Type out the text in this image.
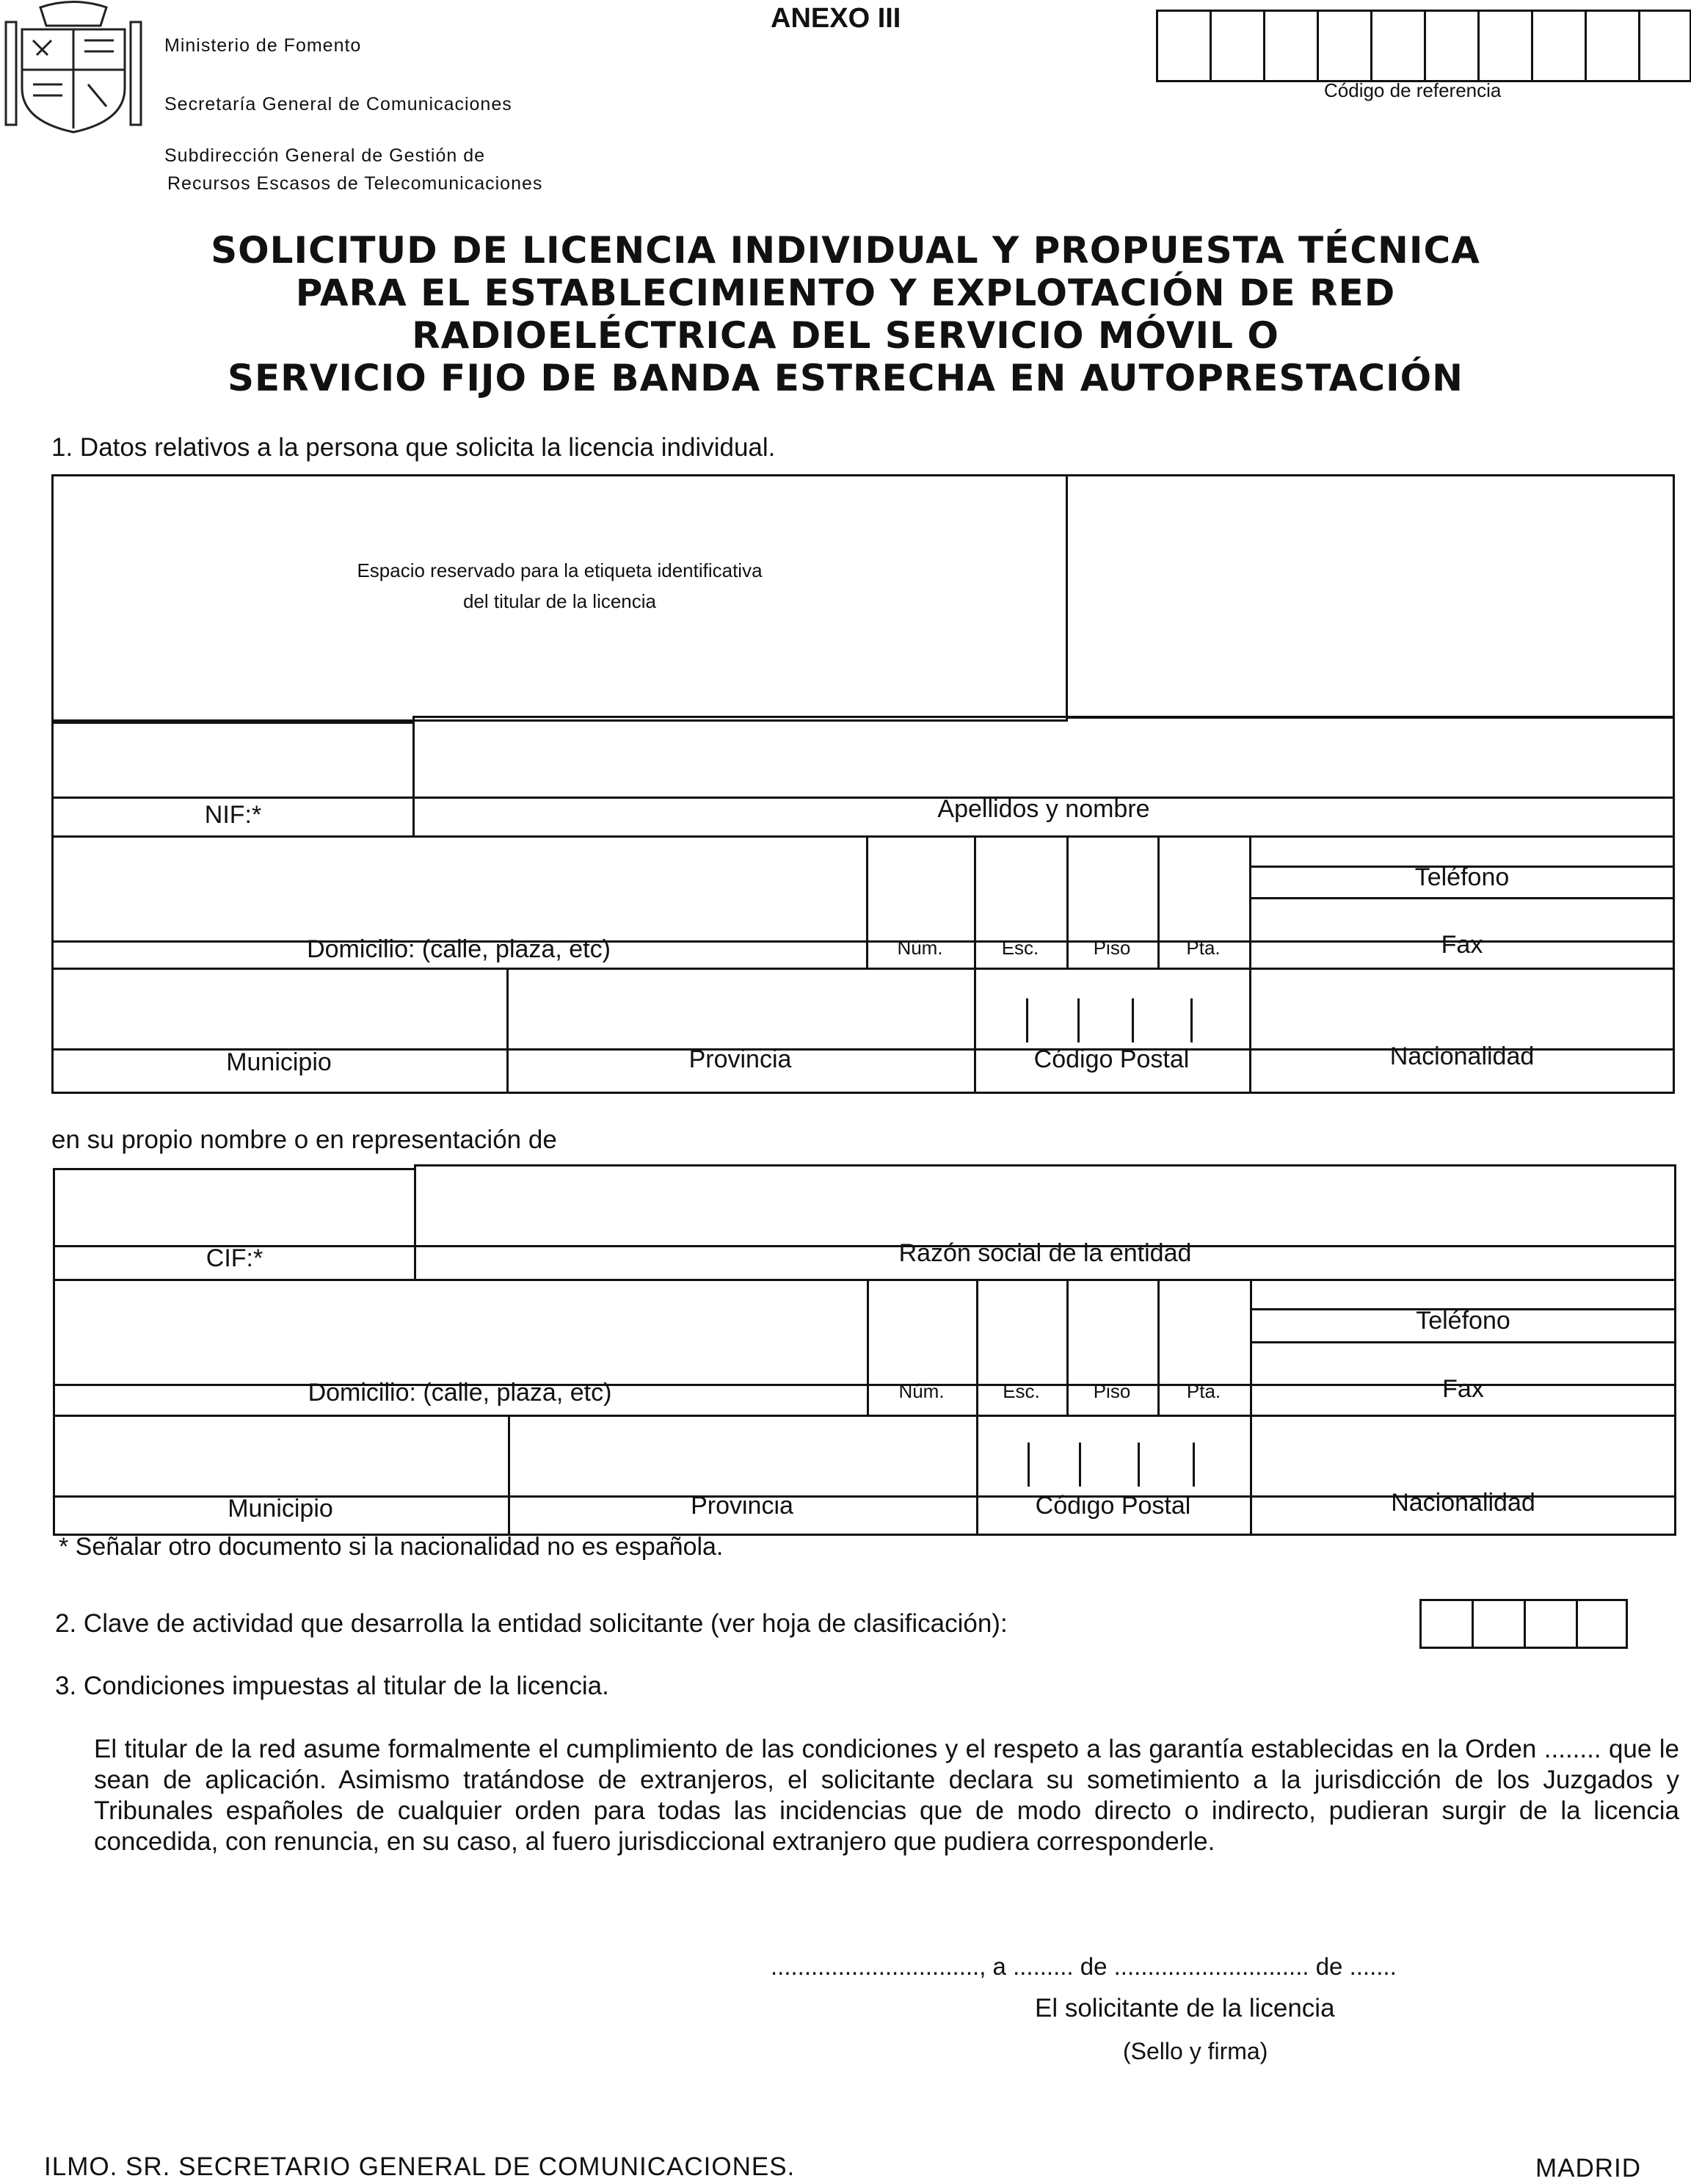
Ministerio de Fomento
Secretaría General de Comunicaciones
Subdirección General de Gestión de
Recursos Escasos de Telecomunicaciones
ANEXO III
Código de referencia
SOLICITUD DE LICENCIA INDIVIDUAL Y PROPUESTA TÉCNICA
PARA EL ESTABLECIMIENTO Y EXPLOTACIÓN DE RED
RADIOELÉCTRICA DEL SERVICIO MÓVIL O
SERVICIO FIJO DE BANDA ESTRECHA EN AUTOPRESTACIÓN
1. Datos relativos a la persona que solicita la licencia individual.
Espacio reservado para la etiqueta identificativa
del titular de la licencia
NIF:*	Apellidos y nombre
Domicilio: (calle, plaza, etc)	Núm.	Esc.	Piso	Pta.
Teléfono
Fax
Municipio	Provincia	Código Postal	Nacionalidad
en su propio nombre o en representación de
CIF:*	Razón social de la entidad
Domicilio: (calle, plaza, etc)	Núm.	Esc.	Piso	Pta.
Teléfono
Fax
Municipio	Provincia	Código Postal	Nacionalidad
* Señalar otro documento si la nacionalidad no es española.
2. Clave de actividad que desarrolla la entidad solicitante (ver hoja de clasificación):
3. Condiciones impuestas al titular de la licencia.
El titular de la red asume formalmente el cumplimiento de las condiciones y el respeto a las garantía establecidas en la Orden ........ que le sean de aplicación. Asimismo tratándose de extranjeros, el solicitante declara su sometimiento a la jurisdicción de los Juzgados y Tribunales españoles de cualquier orden para todas las incidencias que de modo directo o indirecto, pudieran surgir de la licencia concedida, con renuncia, en su caso, al fuero jurisdiccional extranjero que pudiera corresponderle.
..............................., a ......... de ............................. de .......
El solicitante de la licencia
(Sello y firma)
ILMO. SR. SECRETARIO GENERAL DE COMUNICACIONES.	MADRID
